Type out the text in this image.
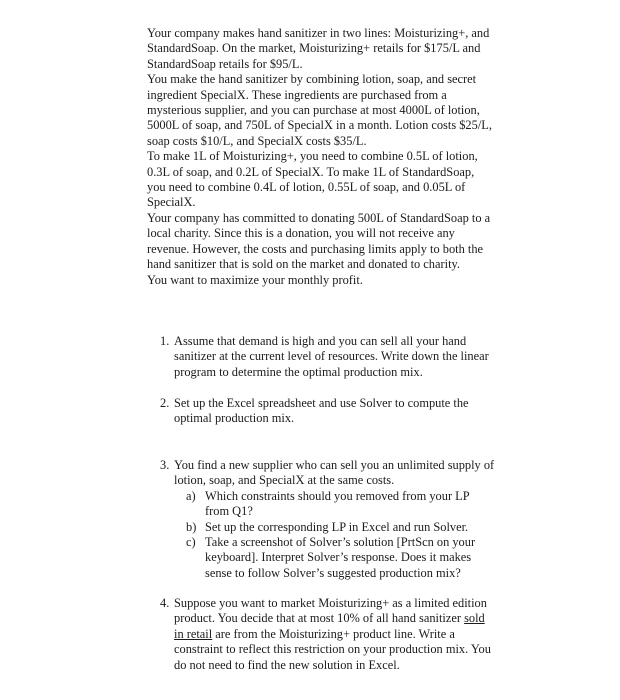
Your company makes hand sanitizer in two lines: Moisturizing+, and StandardSoap. On the market, Moisturizing+ retails for $175/L and StandardSoap retails for $95/L.

You make the hand sanitizer by combining lotion, soap, and secret ingredient SpecialX. These ingredients are purchased from a mysterious supplier, and you can purchase at most 4000L of lotion, 5000L of soap, and 750L of SpecialX in a month. Lotion costs $25/L, soap costs $10/L, and SpecialX costs $35/L.

To make 1L of Moisturizing+, you need to combine 0.5L of lotion, 0.3L of soap, and 0.2L of SpecialX. To make 1L of StandardSoap, you need to combine 0.4L of lotion, 0.55L of soap, and 0.05L of SpecialX.

Your company has committed to donating 500L of StandardSoap to a local charity. Since this is a donation, you will not receive any revenue. However, the costs and purchasing limits apply to both the hand sanitizer that is sold on the market and donated to charity.

You want to maximize your monthly profit.

1. Assume that demand is high and you can sell all your hand sanitizer at the current level of resources. Write down the linear program to determine the optimal production mix.
2. Set up the Excel spreadsheet and use Solver to compute the optimal production mix.
3. You find a new supplier who can sell you an unlimited supply of lotion, soap, and SpecialX at the same costs.
a) Which constraints should you removed from your LP from Q1?
b) Set up the corresponding LP in Excel and run Solver.
c) Take a screenshot of Solver’s solution [PrtScn on your keyboard]. Interpret Solver’s response. Does it makes sense to follow Solver’s suggested production mix?
4. Suppose you want to market Moisturizing+ as a limited edition product. You decide that at most 10% of all hand sanitizer sold in retail are from the Moisturizing+ product line. Write a constraint to reflect this restriction on your production mix. You do not need to find the new solution in Excel.
